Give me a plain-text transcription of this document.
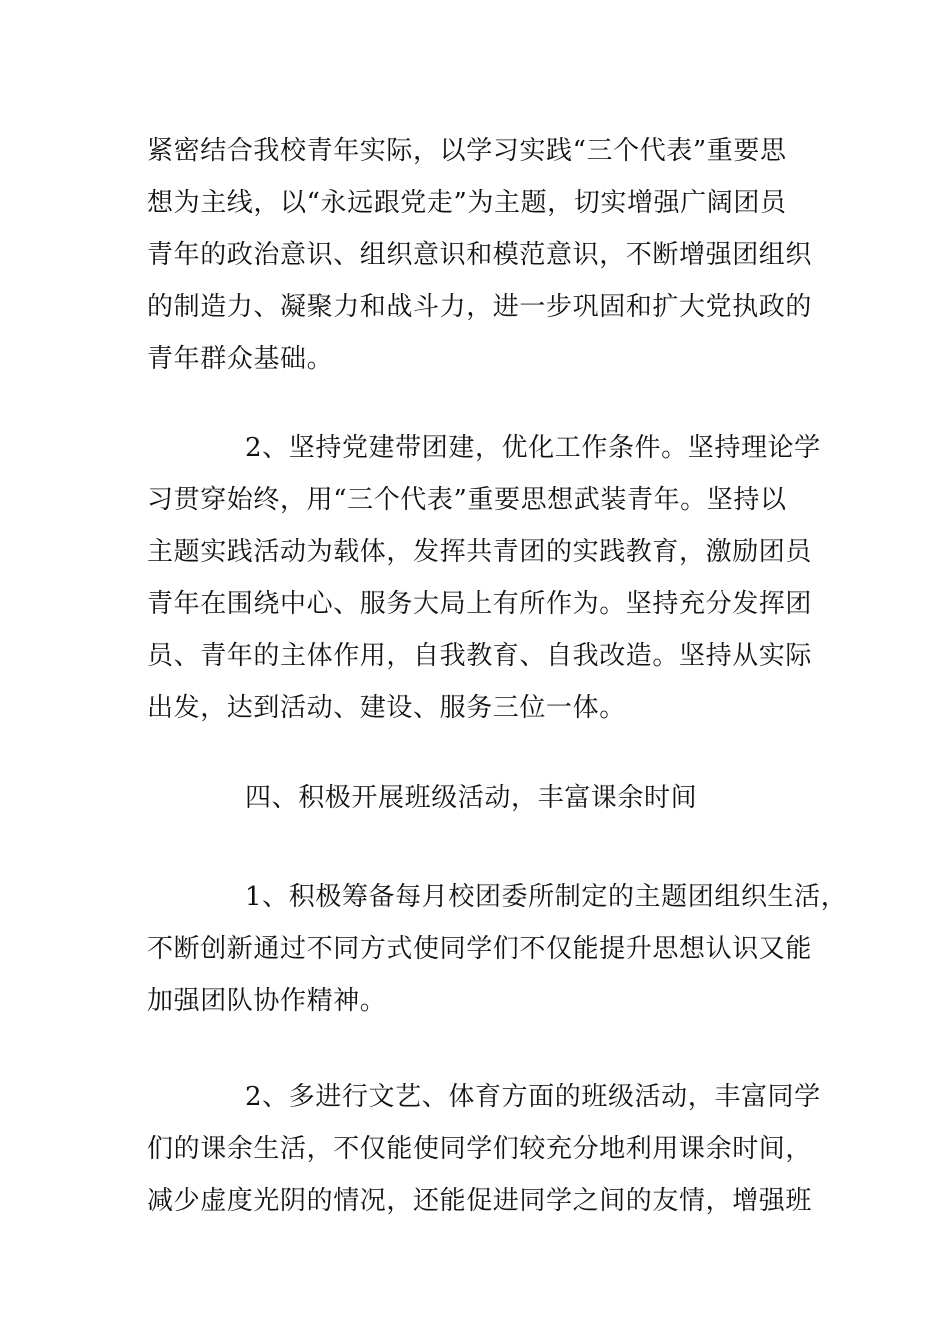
紧密结合我校青年实际，以学习实践“三个代表”重要思
想为主线，以“永远跟党走”为主题，切实增强广阔团员
青年的政治意识、组织意识和模范意识，不断增强团组织
的制造力、凝聚力和战斗力，进一步巩固和扩大党执政的
青年群众基础。
2、坚持党建带团建，优化工作条件。坚持理论学
习贯穿始终，用“三个代表”重要思想武装青年。坚持以
主题实践活动为载体，发挥共青团的实践教育，激励团员
青年在围绕中心、服务大局上有所作为。坚持充分发挥团
员、青年的主体作用，自我教育、自我改造。坚持从实际
出发，达到活动、建设、服务三位一体。
四、积极开展班级活动，丰富课余时间
1、积极筹备每月校团委所制定的主题团组织生活，
不断创新通过不同方式使同学们不仅能提升思想认识又能
加强团队协作精神。
2、多进行文艺、体育方面的班级活动，丰富同学
们的课余生活，不仅能使同学们较充分地利用课余时间，
减少虚度光阴的情况，还能促进同学之间的友情，增强班
